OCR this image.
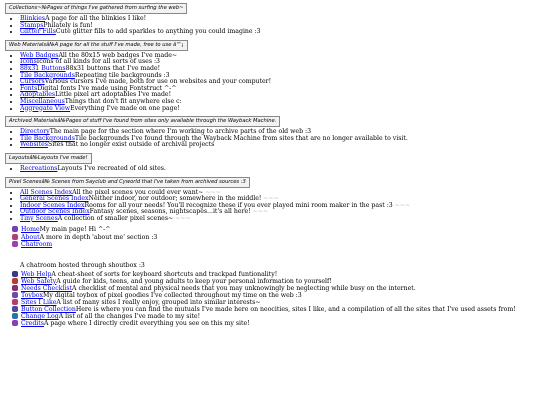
Collections~№Pages of things I've gathered from surfing the web~
• BlinkiesA page for all the blinkies I like!
• StampsPhilately is fun!
• Glitter FillsCute glitter fills to add sparkles to anything you could imagine :3
Web Materialsâ№A page for all the stuff I've made, free to use â™¡
• Web BadgesAll the 80x15 web badges I've made~
• IconsIcons of all kinds for all sorts of uses :3
• 88x31 Buttons88x31 buttons that I've made!
• Tile BackgroundsRepeating tile backgrounds :3
• CursorsVarious cursors I've made, both for use on websites and your computer!
• FontsDigital fonts I've made using Fontstruct ^-^
• AdoptablesLittle pixel art adoptables I've made!
• MiscellaneousThings that don't fit anywhere else c:
• Aggregate ViewEverything I've made on one page!
Archived Materialsâ№Pages of stuff I've found from sites only available through the Wayback Machine.
• DirectoryThe main page for the section where I'm working to archive parts of the old web :3
• Tile BackgroundsTile backgrounds I've found through the Wayback Machine from sites that are no longer available to visit.
• WebsitesSites that no longer exist outside of archival projects
Layoutsâ№Layouts I've made!
• RecreationsLayouts I've recreated of old sites.
Pixel Scenesâ№ Scenes from Sayclub and Cyworld that I've taken from archived sources :3
• All Scenes IndexAll the pixel scenes you could ever want~ ~~~
• General Scenes IndexNeither indoor, nor outdoor; somewhere in the middle! ~~~
• Indoor Scenes IndexRooms for all your needs! You'll recognize these if you ever played mini room maker in the past :3 ~~~
• Outdoor Scenes IndexFantasy scenes, seasons, nightscapes...it's all here! ~~~
• Tiny ScenesA collection of smaller pixel scenes~ ~~~
HomeMy main page! Hi ^-^
AboutA more in depth 'about me' section :3
Chatroom
A chatroom hosted through shoutbox :3
Web HelpA cheat-sheet of sorts for keyboard shortcuts and trackpad funtionality!
Web SafetyA guide for kids, teens, and young adults to keep your personal information to yourself!
Needs ChecklistA checklist of mental and physical needs that you may unknowingly be neglecting while busy on the internet.
ToyboxMy digital toybox of pixel goodies I've collected throughout my time on the web :3
Sites I LikeA list of many sites I really enjoy, grouped into similar interests~
Button CollectionHere is where you can find the mutuals I've made here on neocities, sites I like, and a compilation of all the sites that I've used assets from!
Change LogA list of all the changes I've made to my site!
CreditsA page where I directly credit everything you see on this my site!
